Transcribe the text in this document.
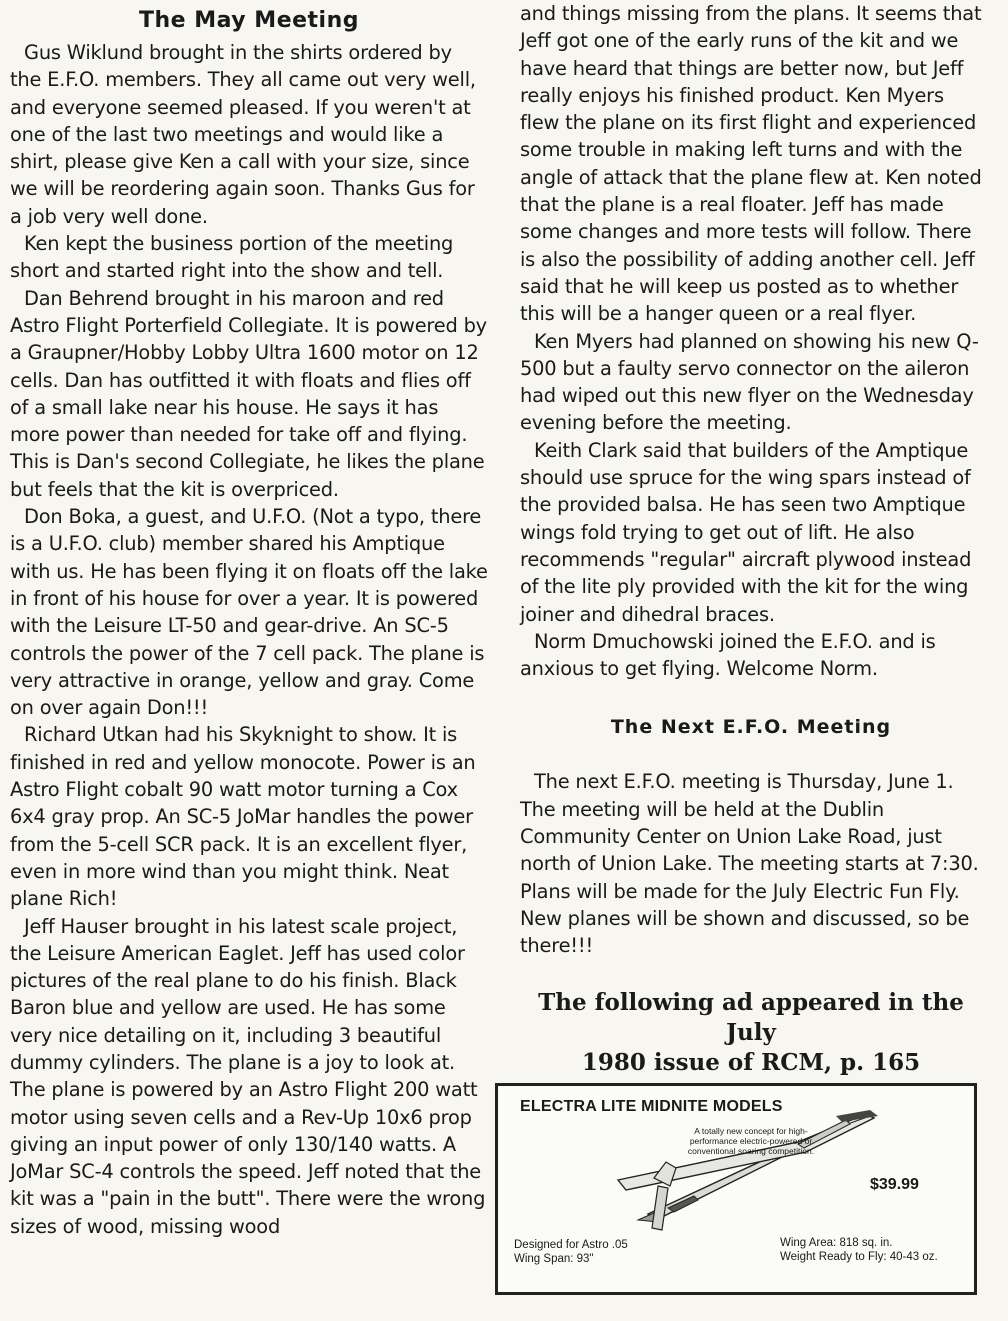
The May Meeting

Gus Wiklund brought in the shirts ordered by the E.F.O. members. They all came out very well, and everyone seemed pleased. If you weren't at one of the last two meetings and would like a shirt, please give Ken a call with your size, since we will be reordering again soon. Thanks Gus for a job very well done.

Ken kept the business portion of the meeting short and started right into the show and tell.

Dan Behrend brought in his maroon and red Astro Flight Porterfield Collegiate. It is powered by a Graupner/Hobby Lobby Ultra 1600 motor on 12 cells. Dan has outfitted it with floats and flies off of a small lake near his house. He says it has more power than needed for take off and flying. This is Dan's second Collegiate, he likes the plane but feels that the kit is overpriced.

Don Boka, a guest, and U.F.O. (Not a typo, there is a U.F.O. club) member shared his Amptique with us. He has been flying it on floats off the lake in front of his house for over a year. It is powered with the Leisure LT-50 and gear-drive. An SC-5 controls the power of the 7 cell pack. The plane is very attractive in orange, yellow and gray. Come on over again Don!!!

Richard Utkan had his Skyknight to show. It is finished in red and yellow monocote. Power is an Astro Flight cobalt 90 watt motor turning a Cox 6x4 gray prop. An SC-5 JoMar handles the power from the 5-cell SCR pack. It is an excellent flyer, even in more wind than you might think. Neat plane Rich!

Jeff Hauser brought in his latest scale project, the Leisure American Eaglet. Jeff has used color pictures of the real plane to do his finish. Black Baron blue and yellow are used. He has some very nice detailing on it, including 3 beautiful dummy cylinders. The plane is a joy to look at. The plane is powered by an Astro Flight 200 watt motor using seven cells and a Rev-Up 10x6 prop giving an input power of only 130/140 watts. A JoMar SC-4 controls the speed. Jeff noted that the kit was a "pain in the butt". There were the wrong sizes of wood, missing wood

and things missing from the plans. It seems that Jeff got one of the early runs of the kit and we have heard that things are better now, but Jeff really enjoys his finished product. Ken Myers flew the plane on its first flight and experienced some trouble in making left turns and with the angle of attack that the plane flew at. Ken noted that the plane is a real floater. Jeff has made some changes and more tests will follow. There is also the possibility of adding another cell. Jeff said that he will keep us posted as to whether this will be a hanger queen or a real flyer.

Ken Myers had planned on showing his new Q-500 but a faulty servo connector on the aileron had wiped out this new flyer on the Wednesday evening before the meeting.

Keith Clark said that builders of the Amptique should use spruce for the wing spars instead of the provided balsa. He has seen two Amptique wings fold trying to get out of lift. He also recommends "regular" aircraft plywood instead of the lite ply provided with the kit for the wing joiner and dihedral braces.

Norm Dmuchowski joined the E.F.O. and is anxious to get flying. Welcome Norm.

The Next E.F.O. Meeting

The next E.F.O. meeting is Thursday, June 1. The meeting will be held at the Dublin Community Center on Union Lake Road, just north of Union Lake. The meeting starts at 7:30. Plans will be made for the July Electric Fun Fly. New planes will be shown and discussed, so be there!!!

The following ad appeared in the July
1980 issue of RCM, p. 165
ELECTRA LITE MIDNITE MODELS
A totally new concept for high-performance electric-powered or conventional soaring competition.
$39.99
Designed for Astro .05
Wing Span: 93"
Wing Area: 818 sq. in.
Weight Ready to Fly: 40-43 oz.
